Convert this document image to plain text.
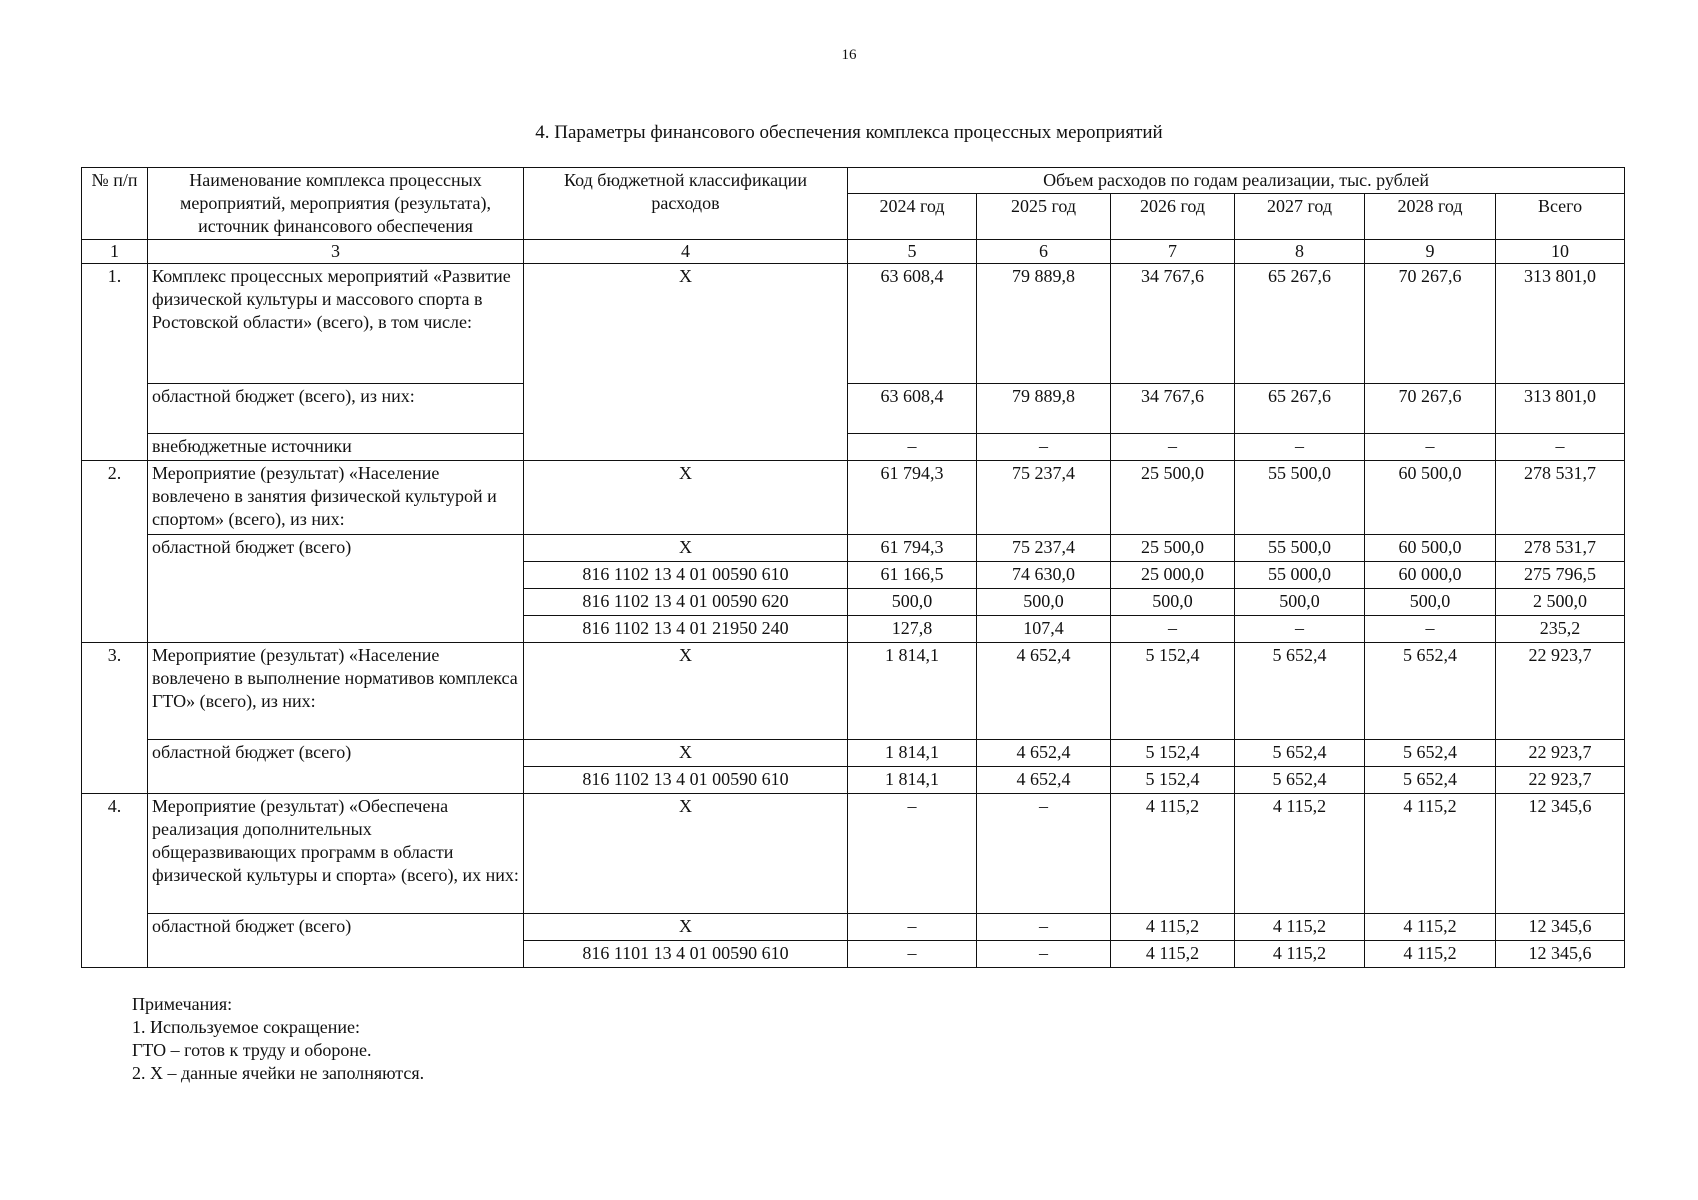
16
4. Параметры финансового обеспечения комплекса процессных мероприятий
№ п/п	Наименование комплекса процессных мероприятий, мероприятия (результата), источник финансового обеспечения	Код бюджетной классификации расходов	Объем расходов по годам реализации, тыс. рублей					
			2024 год	2025 год	2026 год	2027 год	2028 год	Всего
1	3	4	5	6	7	8	9	10
1.	Комплекс процессных мероприятий «Развитие физической культуры и массового спорта в Ростовской области» (всего), в том числе:	X	63 608,4	79 889,8	34 767,6	65 267,6	70 267,6	313 801,0
	областной бюджет (всего), из них:		63 608,4	79 889,8	34 767,6	65 267,6	70 267,6	313 801,0
	внебюджетные источники		–	–	–	–	–	–
2.	Мероприятие (результат) «Население вовлечено в занятия физической культурой и спортом» (всего), из них:	X	61 794,3	75 237,4	25 500,0	55 500,0	60 500,0	278 531,7
	областной бюджет (всего)	X	61 794,3	75 237,4	25 500,0	55 500,0	60 500,0	278 531,7
		816 1102 13 4 01 00590 610	61 166,5	74 630,0	25 000,0	55 000,0	60 000,0	275 796,5
		816 1102 13 4 01 00590 620	500,0	500,0	500,0	500,0	500,0	2 500,0
		816 1102 13 4 01 21950 240	127,8	107,4	–	–	–	235,2
3.	Мероприятие (результат) «Население вовлечено в выполнение нормативов комплекса ГТО» (всего), из них:	X	1 814,1	4 652,4	5 152,4	5 652,4	5 652,4	22 923,7
	областной бюджет (всего)	X	1 814,1	4 652,4	5 152,4	5 652,4	5 652,4	22 923,7
		816 1102 13 4 01 00590 610	1 814,1	4 652,4	5 152,4	5 652,4	5 652,4	22 923,7
4.	Мероприятие (результат) «Обеспечена реализация дополнительных общеразвивающих программ в области физической культуры и спорта» (всего), их них:	X	–	–	4 115,2	4 115,2	4 115,2	12 345,6
	областной бюджет (всего)	X	–	–	4 115,2	4 115,2	4 115,2	12 345,6
		816 1101 13 4 01 00590 610	–	–	4 115,2	4 115,2	4 115,2	12 345,6
Примечания:
1. Используемое сокращение:
ГТО – готов к труду и обороне.
2. X – данные ячейки не заполняются.
